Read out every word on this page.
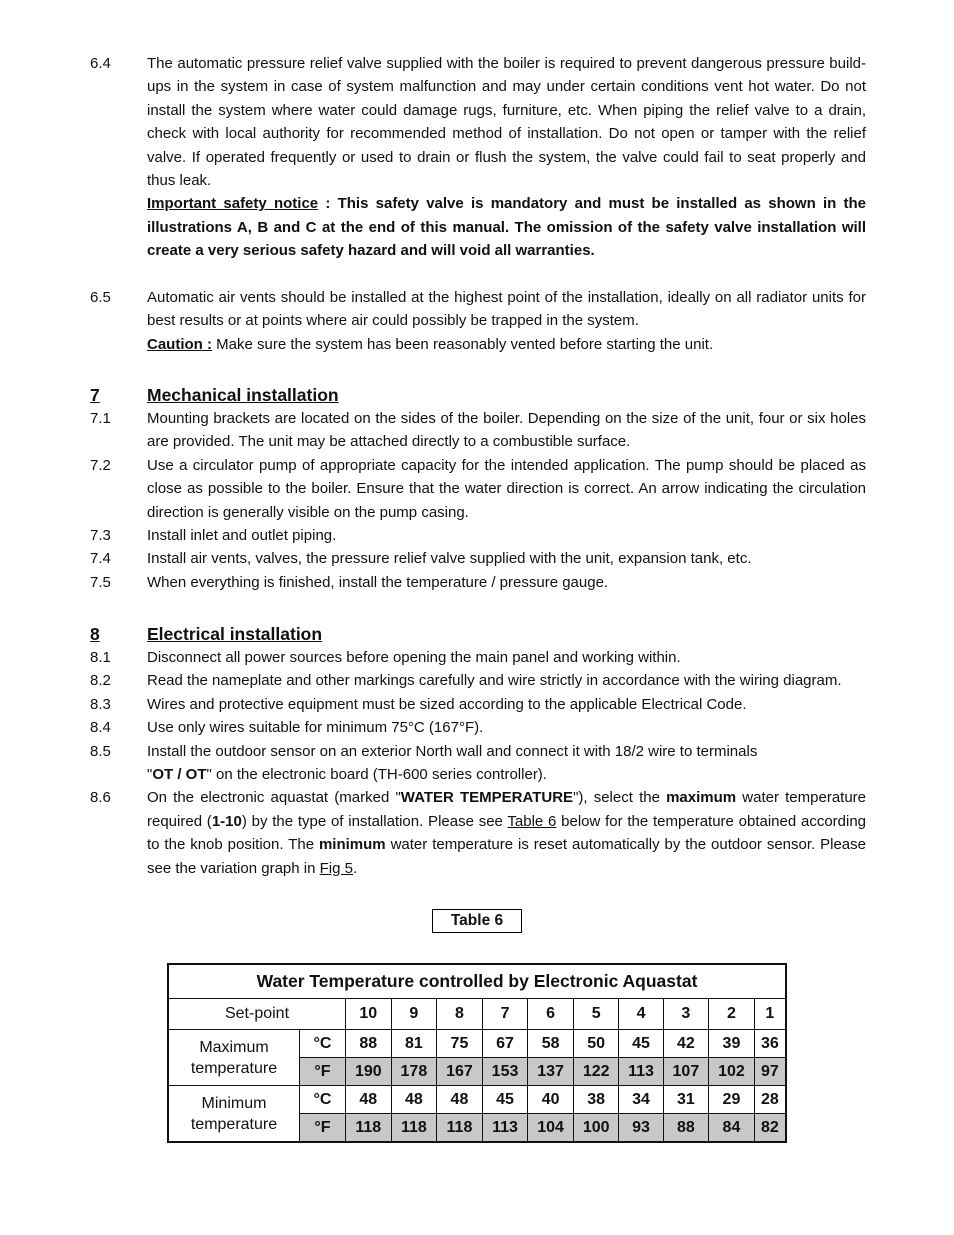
6.4 The automatic pressure relief valve supplied with the boiler is required to prevent dangerous pressure build-ups in the system in case of system malfunction and may under certain conditions vent hot water. Do not install the system where water could damage rugs, furniture, etc. When piping the relief valve to a drain, check with local authority for recommended method of installation. Do not open or tamper with the relief valve. If operated frequently or used to drain or flush the system, the valve could fail to seat properly and thus leak.
Important safety notice : This safety valve is mandatory and must be installed as shown in the illustrations A, B and C at the end of this manual. The omission of the safety valve installation will create a very serious safety hazard and will void all warranties.
6.5 Automatic air vents should be installed at the highest point of the installation, ideally on all radiator units for best results or at points where air could possibly be trapped in the system.
Caution : Make sure the system has been reasonably vented before starting the unit.
7	Mechanical installation
7.1 Mounting brackets are located on the sides of the boiler. Depending on the size of the unit, four or six holes are provided. The unit may be attached directly to a combustible surface.
7.2 Use a circulator pump of appropriate capacity for the intended application. The pump should be placed as close as possible to the boiler. Ensure that the water direction is correct. An arrow indicating the circulation direction is generally visible on the pump casing.
7.3 Install inlet and outlet piping.
7.4 Install air vents, valves, the pressure relief valve supplied with the unit, expansion tank, etc.
7.5 When everything is finished, install the temperature / pressure gauge.
8	Electrical installation
8.1 Disconnect all power sources before opening the main panel and working within.
8.2 Read the nameplate and other markings carefully and wire strictly in accordance with the wiring diagram.
8.3 Wires and protective equipment must be sized according to the applicable Electrical Code.
8.4 Use only wires suitable for minimum 75°C (167°F).
8.5 Install the outdoor sensor on an exterior North wall and connect it with 18/2 wire to terminals
"OT / OT" on the electronic board (TH-600 series controller).
8.6 On the electronic aquastat (marked "WATER TEMPERATURE"), select the maximum water temperature required (1-10) by the type of installation. Please see Table 6 below for the temperature obtained according to the knob position. The minimum water temperature is reset automatically by the outdoor sensor. Please see the variation graph in Fig 5.
Table 6
Water Temperature controlled by Electronic Aquastat											
Set-point		10	9	8	7	6	5	4	3	2	1
Maximum
temperature	°C	88	81	75	67	58	50	45	42	39	36
	°F	190	178	167	153	137	122	113	107	102	97
Minimum
temperature	°C	48	48	48	45	40	38	34	31	29	28
	°F	118	118	118	113	104	100	93	88	84	82
